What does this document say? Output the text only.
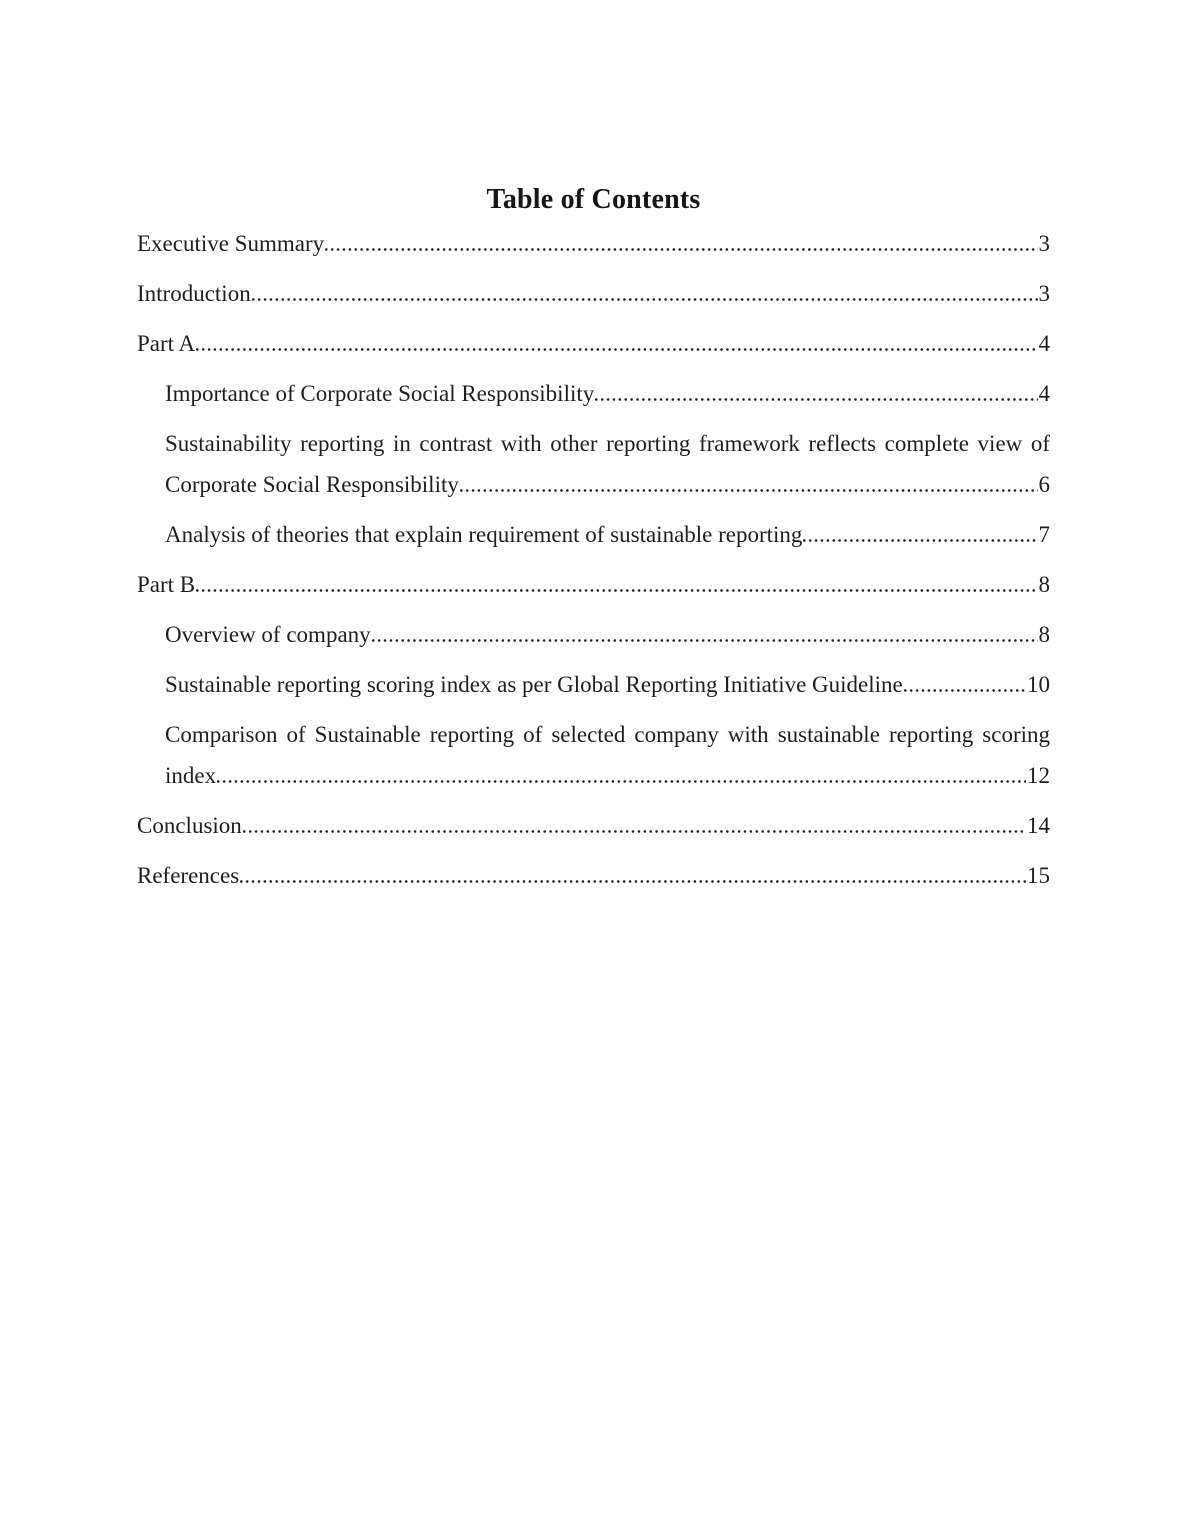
Table of Contents
Executive Summary	3
Introduction	3
Part A	4
Importance of Corporate Social Responsibility	4
Sustainability reporting in contrast with other reporting framework reflects complete view of
Corporate Social Responsibility	6
Analysis of theories that explain requirement of sustainable reporting	7
Part B	8
Overview of company	8
Sustainable reporting scoring index as per Global Reporting Initiative Guideline	10
Comparison of Sustainable reporting of selected company with sustainable reporting scoring
index	12
Conclusion	14
References	15
